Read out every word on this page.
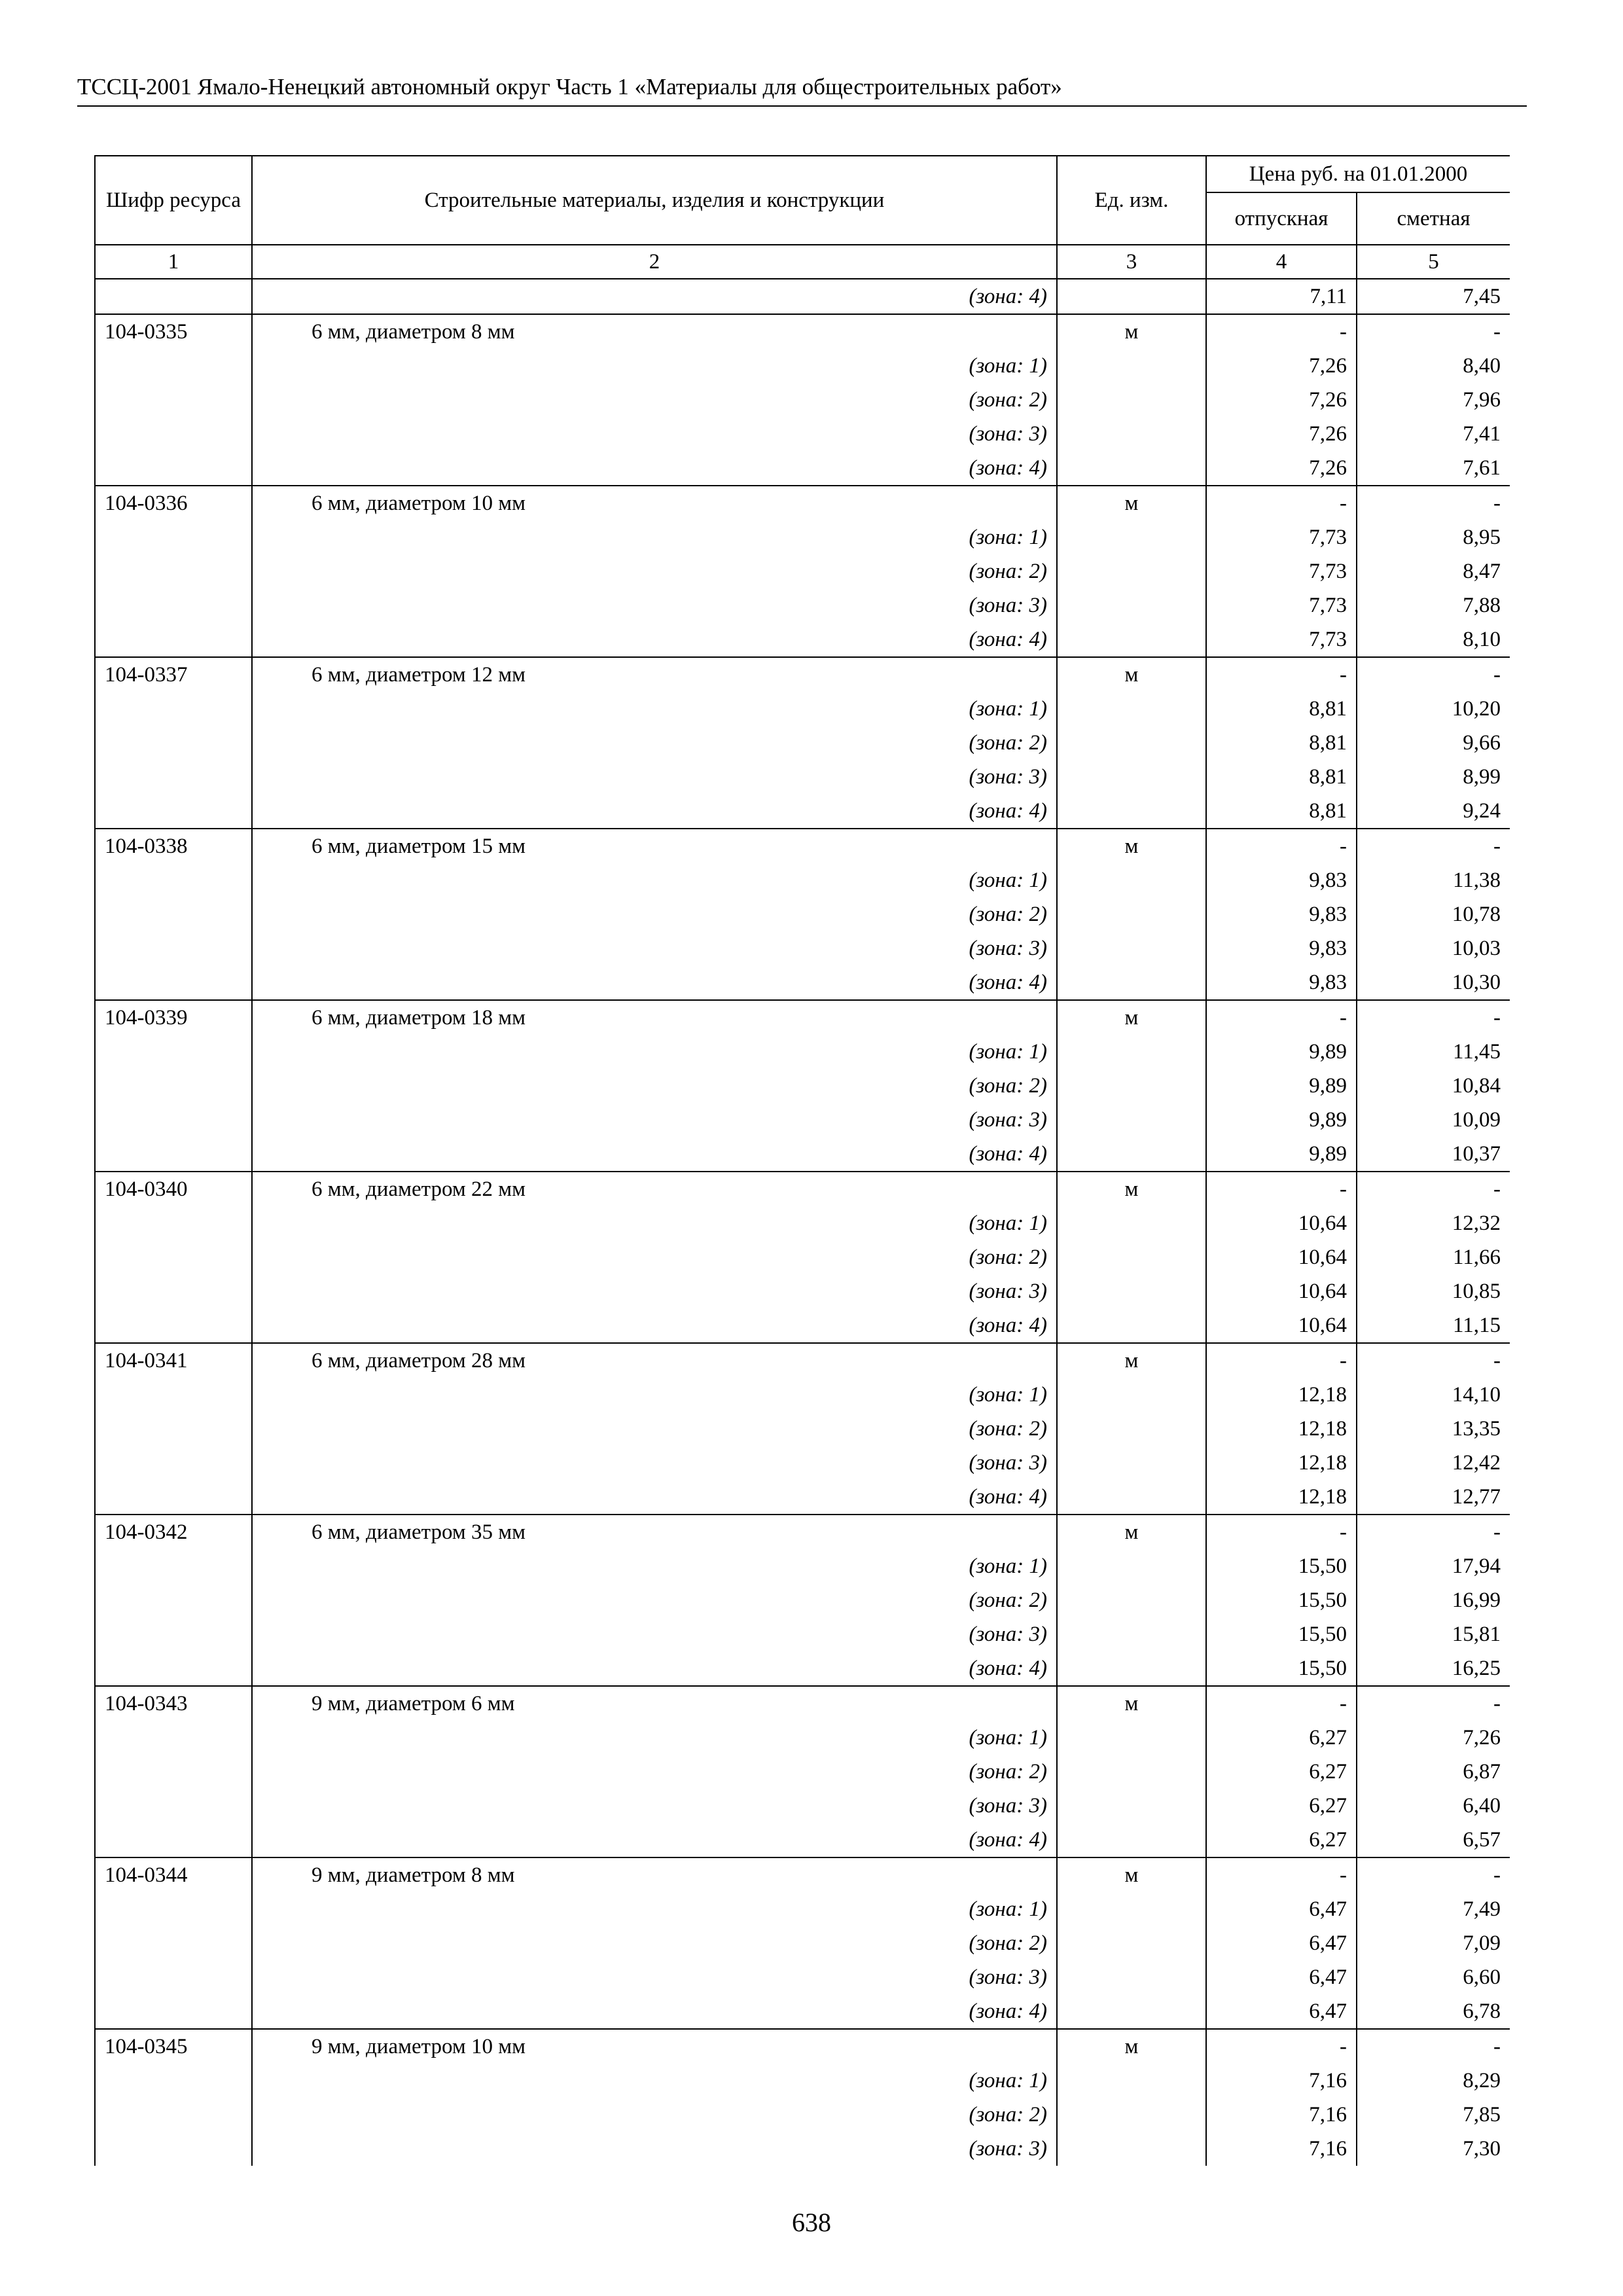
ТССЦ-2001 Ямало-Ненецкий автономный округ Часть 1 «Материалы для общестроительных работ»
Шифр ресурса	Строительные материалы, изделия и конструкции	Ед. изм.	Цена руб. на 01.01.2000	
			отпускная	сметная
1	2	3	4	5
	(зона: 4)		7,11	7,45
104-0335	6 мм, диаметром 8 мм	м	-	-
	(зона: 1)		7,26	8,40
	(зона: 2)		7,26	7,96
	(зона: 3)		7,26	7,41
	(зона: 4)		7,26	7,61
104-0336	6 мм, диаметром 10 мм	м	-	-
	(зона: 1)		7,73	8,95
	(зона: 2)		7,73	8,47
	(зона: 3)		7,73	7,88
	(зона: 4)		7,73	8,10
104-0337	6 мм, диаметром 12 мм	м	-	-
	(зона: 1)		8,81	10,20
	(зона: 2)		8,81	9,66
	(зона: 3)		8,81	8,99
	(зона: 4)		8,81	9,24
104-0338	6 мм, диаметром 15 мм	м	-	-
	(зона: 1)		9,83	11,38
	(зона: 2)		9,83	10,78
	(зона: 3)		9,83	10,03
	(зона: 4)		9,83	10,30
104-0339	6 мм, диаметром 18 мм	м	-	-
	(зона: 1)		9,89	11,45
	(зона: 2)		9,89	10,84
	(зона: 3)		9,89	10,09
	(зона: 4)		9,89	10,37
104-0340	6 мм, диаметром 22 мм	м	-	-
	(зона: 1)		10,64	12,32
	(зона: 2)		10,64	11,66
	(зона: 3)		10,64	10,85
	(зона: 4)		10,64	11,15
104-0341	6 мм, диаметром 28 мм	м	-	-
	(зона: 1)		12,18	14,10
	(зона: 2)		12,18	13,35
	(зона: 3)		12,18	12,42
	(зона: 4)		12,18	12,77
104-0342	6 мм, диаметром 35 мм	м	-	-
	(зона: 1)		15,50	17,94
	(зона: 2)		15,50	16,99
	(зона: 3)		15,50	15,81
	(зона: 4)		15,50	16,25
104-0343	9 мм, диаметром 6 мм	м	-	-
	(зона: 1)		6,27	7,26
	(зона: 2)		6,27	6,87
	(зона: 3)		6,27	6,40
	(зона: 4)		6,27	6,57
104-0344	9 мм, диаметром 8 мм	м	-	-
	(зона: 1)		6,47	7,49
	(зона: 2)		6,47	7,09
	(зона: 3)		6,47	6,60
	(зона: 4)		6,47	6,78
104-0345	9 мм, диаметром 10 мм	м	-	-
	(зона: 1)		7,16	8,29
	(зона: 2)		7,16	7,85
	(зона: 3)		7,16	7,30
638
